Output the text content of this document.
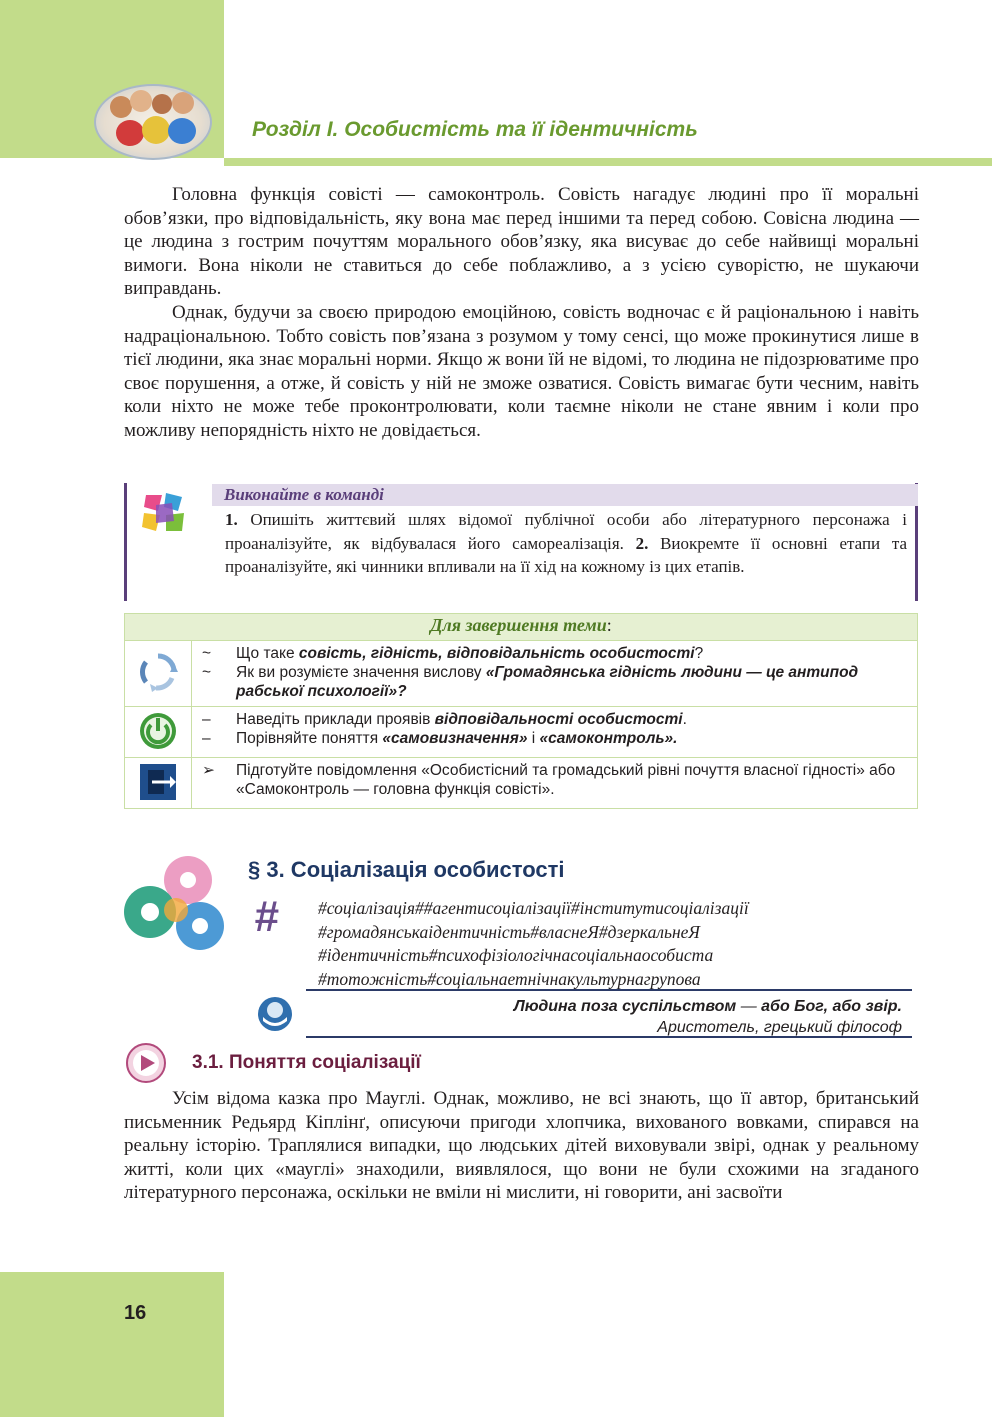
Розділ І. Особистість та її ідентичність

Головна функція совісті — самоконтроль. Совість нагадує людині про її моральні обов’язки, про відповідальність, яку вона має перед іншими та перед собою. Совісна людина — це людина з гострим почуттям морального обов’язку, яка висуває до себе найвищі моральні вимоги. Вона ніколи не ставиться до себе поблажливо, а з усією суворістю, не шукаючи виправдань.

Однак, будучи за своєю природою емоційною, совість водночас є й раціональною і навіть надраціональною. Тобто совість пов’язана з розумом у тому сенсі, що може прокинутися лише в тієї людини, яка знає моральні норми. Якщо ж вони їй не відомі, то людина не підозрюватиме про своє порушення, а отже, й совість у ній не зможе озватися. Совість вимагає бути чесним, навіть коли ніхто не може тебе проконтролювати, коли таємне ніколи не стане явним і коли про можливу непорядність ніхто не довідається.

Виконайте в команді
1. Опишіть життєвий шлях відомої публічної особи або літературного персонажа і проаналізуйте, як відбувалася його самореалізація. 2. Виокремте її основні етапи та проаналізуйте, які чинники впливали на її хід на кожному із цих етапів.
Для завершення теми:	

~ Що таке совість, гідність, відповідальність особистості?
~ Як ви розумієте значення вислову «Громадянська гідність людини — це антипод рабської психології»?

– Наведіть приклади проявів відповідальності особистості.
– Порівняйте поняття «самовизначення» і «самоконтроль».

➢ Підготуйте повідомлення «Особистісний та громадський рівні почуття власної гідності» або «Самоконтроль — головна функція совісті».
§ 3. Соціалізація особистості
# #соціалізація##агентисоціалізації#інститутисоціалізації
#громадянськаідентичність#власнеЯ#дзеркальнеЯ
#ідентичність#психофізіологічнасоціальнаособиста
#тотожність#соціальнаетнічнакультурнагрупова
Людина поза суспільством — або Бог, або звір.
Аристотель, грецький філософ
3.1. Поняття соціалізації

Усім відома казка про Мауглі. Однак, можливо, не всі знають, що її автор, британський письменник Редьярд Кіплінґ, описуючи пригоди хлопчика, вихованого вовками, спирався на реальну історію. Траплялися випадки, що людських дітей виховували звірі, однак у реальному житті, коли цих «мауглі» знаходили, виявлялося, що вони не були схожими на згаданого літературного персонажа, оскільки не вміли ні мислити, ні говорити, ані засвоїти

16
